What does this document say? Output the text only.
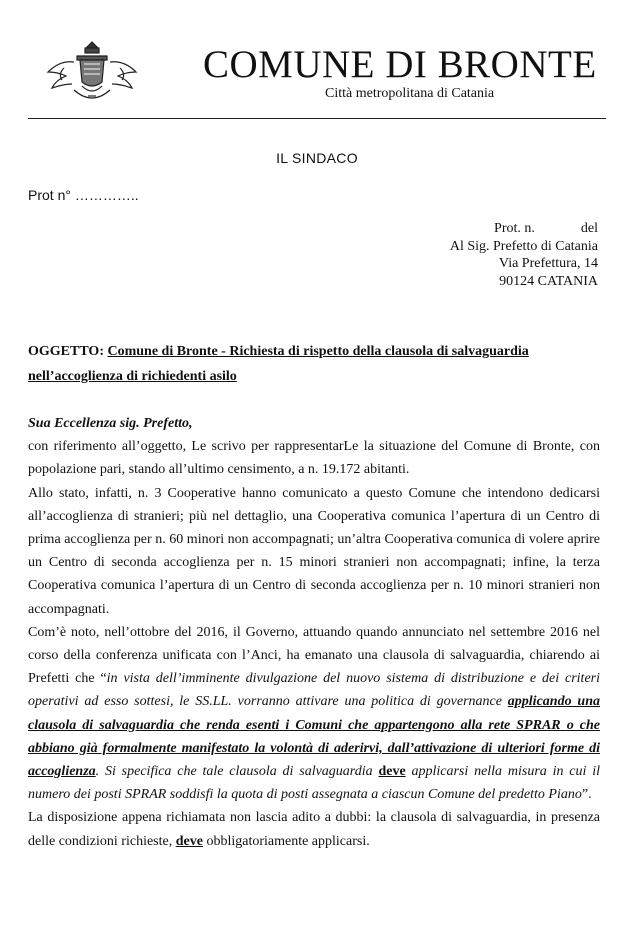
COMUNE DI BRONTE
Città metropolitana di Catania
IL SINDACO
Prot n° …………..
Prot. n.	del
Al Sig. Prefetto di Catania
Via Prefettura, 14
90124 CATANIA
OGGETTO: Comune di Bronte - Richiesta di rispetto della clausola di salvaguardia
nell’accoglienza di richiedenti asilo

Sua Eccellenza sig. Prefetto,

con riferimento all’oggetto, Le scrivo per rappresentarLe la situazione del Comune di Bronte, con popolazione pari, stando all’ultimo censimento, a n. 19.172 abitanti.

Allo stato, infatti, n. 3 Cooperative hanno comunicato a questo Comune che intendono dedicarsi all’accoglienza di stranieri; più nel dettaglio, una Cooperativa comunica l’apertura di un Centro di prima accoglienza per n. 60 minori non accompagnati; un’altra Cooperativa comunica di volere aprire un Centro di seconda accoglienza per n. 15 minori stranieri non accompagnati; infine, la terza Cooperativa comunica l’apertura di un Centro di seconda accoglienza per n. 10 minori stranieri non accompagnati.

Com’è noto, nell’ottobre del 2016, il Governo, attuando quando annunciato nel settembre 2016 nel corso della conferenza unificata con l’Anci, ha emanato una clausola di salvaguardia, chiarendo ai Prefetti che “in vista dell’imminente divulgazione del nuovo sistema di distribuzione e dei criteri operativi ad esso sottesi, le SS.LL. vorranno attivare una politica di governance applicando una clausola di salvaguardia che renda esenti i Comuni che appartengono alla rete SPRAR o che abbiano già formalmente manifestato la volontà di aderirvi, dall’attivazione di ulteriori forme di accoglienza. Si specifica che tale clausola di salvaguardia deve applicarsi nella misura in cui il numero dei posti SPRAR soddisfi la quota di posti assegnata a ciascun Comune del predetto Piano”.

La disposizione appena richiamata non lascia adito a dubbi: la clausola di salvaguardia, in presenza delle condizioni richieste, deve obbligatoriamente applicarsi.
